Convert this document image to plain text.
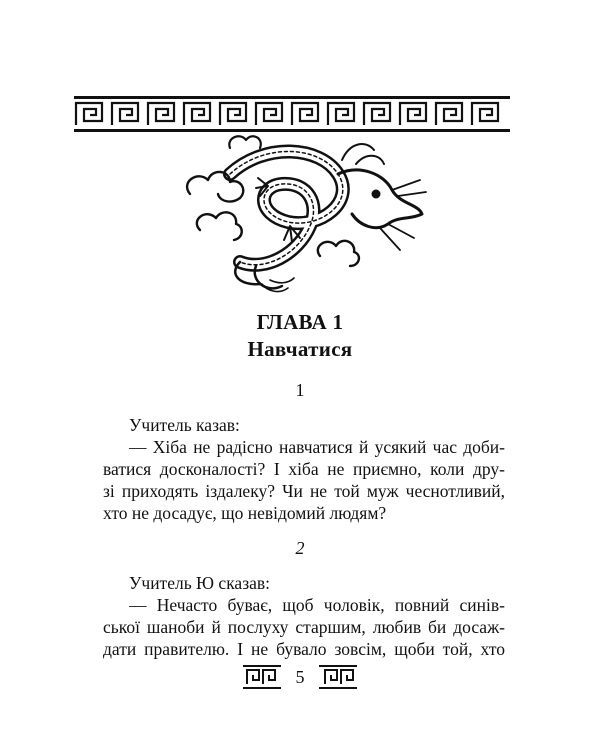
ГЛАВА 1
Навчатися
1
Учитель казав:
— Хіба не радісно навчатися й усякий час доби-
ватися досконалості? І хіба не приємно, коли дру-
зі приходять іздалеку? Чи не той муж чеснотливий,
хто не досадує, що невідомий людям?
2
Учитель Ю сказав:
— Нечасто буває, щоб чоловік, повний синів-
ської шаноби й послуху старшим, любив би досаж-
дати правителю. І не бувало зовсім, щоби той, хто
5
